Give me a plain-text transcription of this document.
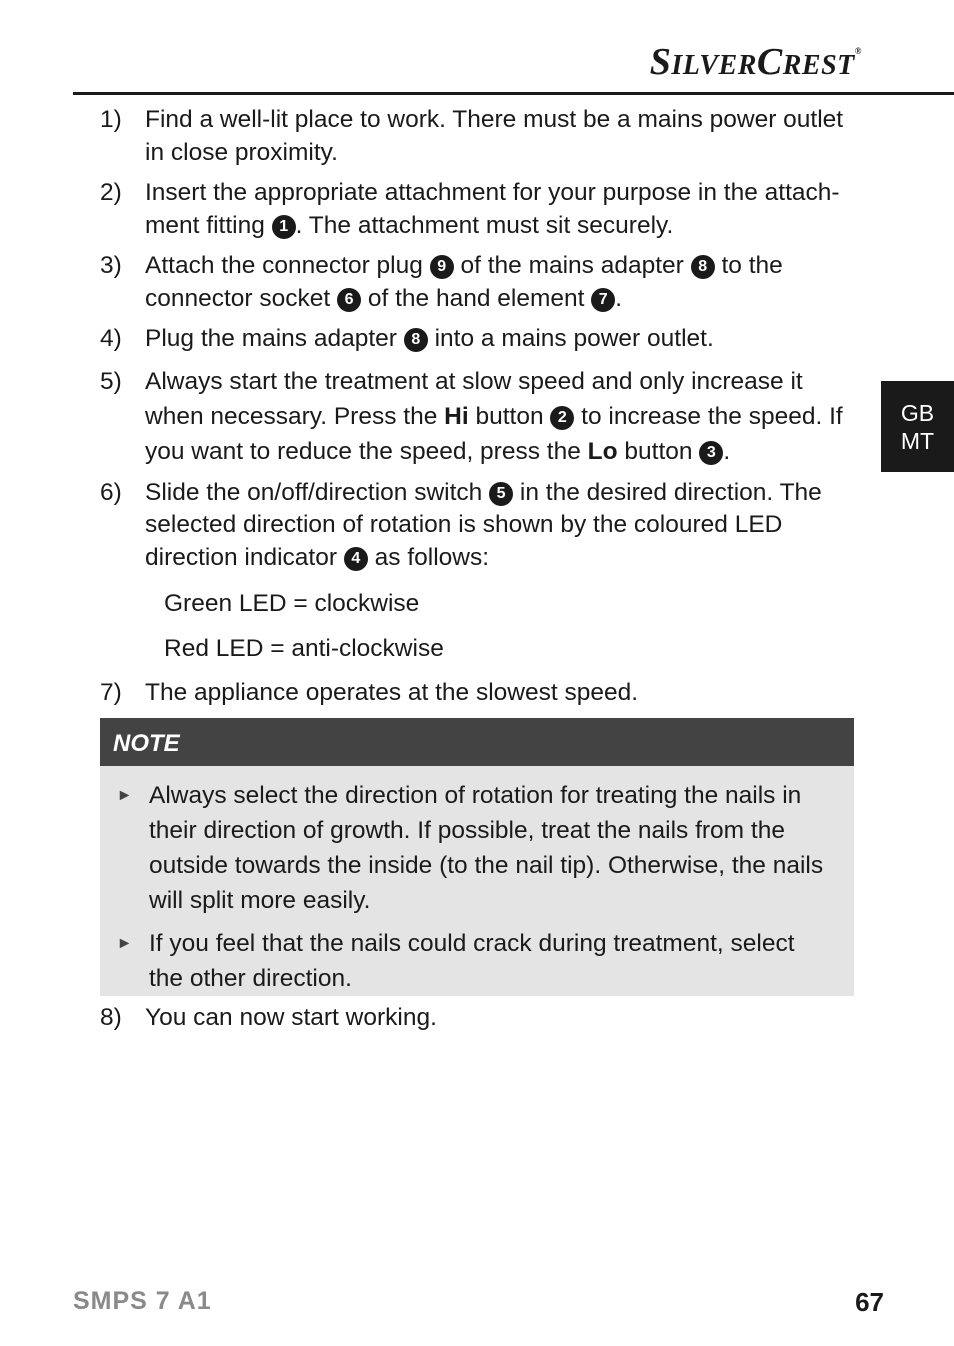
SILVERCREST®
GB
MT
1) Find a well-lit place to work. There must be a mains power outlet in close proximity.
2) Insert the appropriate attachment for your purpose in the attach-ment fitting 1 . The attachment must sit securely.
3) Attach the connector plug 9 of the mains adapter 8 to the connector socket 6 of the hand element 7 .
4) Plug the mains adapter 8 into a mains power outlet.
5) Always start the treatment at slow speed and only increase it when necessary. Press the Hi button 2 to increase the speed. If you want to reduce the speed, press the Lo button 3 .
6) Slide the on/off/direction switch 5 in the desired direction. The selected direction of rotation is shown by the coloured LED direction indicator 4 as follows:

Green LED = clockwise

Red LED = anti-clockwise

7) The appliance operates at the slowest speed.
NOTE
► Always select the direction of rotation for treating the nails in their direction of growth. If possible, treat the nails from the outside towards the inside (to the nail tip). Otherwise, the nails will split more easily.
► If you feel that the nails could crack during treatment, select the other direction.
8) You can now start working.
SMPS 7 A1	67
